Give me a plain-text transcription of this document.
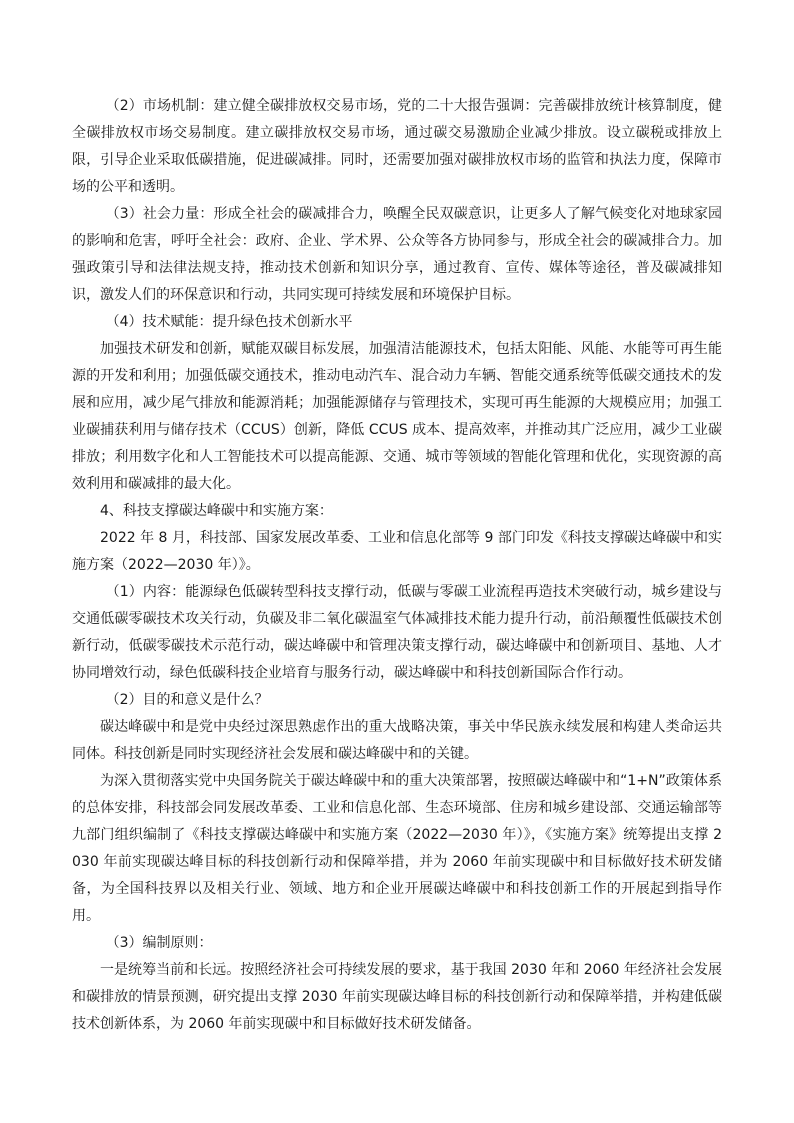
（2）市场机制：建立健全碳排放权交易市场，党的二十大报告强调：完善碳排放统计核算制度，健全碳排放权市场交易制度。建立碳排放权交易市场，通过碳交易激励企业减少排放。设立碳税或排放上限，引导企业采取低碳措施，促进碳减排。同时，还需要加强对碳排放权市场的监管和执法力度，保障市场的公平和透明。

（3）社会力量：形成全社会的碳减排合力，唤醒全民双碳意识，让更多人了解气候变化对地球家园的影响和危害，呼吁全社会：政府、企业、学术界、公众等各方协同参与，形成全社会的碳减排合力。加强政策引导和法律法规支持，推动技术创新和知识分享，通过教育、宣传、媒体等途径，普及碳减排知识，激发人们的环保意识和行动，共同实现可持续发展和环境保护目标。

（4）技术赋能：提升绿色技术创新水平

加强技术研发和创新，赋能双碳目标发展，加强清洁能源技术，包括太阳能、风能、水能等可再生能源的开发和利用；加强低碳交通技术，推动电动汽车、混合动力车辆、智能交通系统等低碳交通技术的发展和应用，减少尾气排放和能源消耗；加强能源储存与管理技术，实现可再生能源的大规模应用；加强工业碳捕获利用与储存技术（CCUS）创新，降低 CCUS 成本、提高效率，并推动其广泛应用，减少工业碳排放；利用数字化和人工智能技术可以提高能源、交通、城市等领域的智能化管理和优化，实现资源的高效利用和碳减排的最大化。

4、科技支撑碳达峰碳中和实施方案：

2022 年 8 月，科技部、国家发展改革委、工业和信息化部等 9 部门印发《科技支撑碳达峰碳中和实施方案（2022—2030 年）》。

（1）内容：能源绿色低碳转型科技支撑行动，低碳与零碳工业流程再造技术突破行动，城乡建设与交通低碳零碳技术攻关行动，负碳及非二氧化碳温室气体减排技术能力提升行动，前沿颠覆性低碳技术创新行动，低碳零碳技术示范行动，碳达峰碳中和管理决策支撑行动，碳达峰碳中和创新项目、基地、人才协同增效行动，绿色低碳科技企业培育与服务行动，碳达峰碳中和科技创新国际合作行动。

（2）目的和意义是什么？

碳达峰碳中和是党中央经过深思熟虑作出的重大战略决策，事关中华民族永续发展和构建人类命运共同体。科技创新是同时实现经济社会发展和碳达峰碳中和的关键。

为深入贯彻落实党中央国务院关于碳达峰碳中和的重大决策部署，按照碳达峰碳中和“1+N”政策体系的总体安排，科技部会同发展改革委、工业和信息化部、生态环境部、住房和城乡建设部、交通运输部等九部门组织编制了《科技支撑碳达峰碳中和实施方案（2022—2030 年）》，《实施方案》统筹提出支撑 2030 年前实现碳达峰目标的科技创新行动和保障举措，并为 2060 年前实现碳中和目标做好技术研发储备，为全国科技界以及相关行业、领域、地方和企业开展碳达峰碳中和科技创新工作的开展起到指导作用。

（3）编制原则：

一是统筹当前和长远。按照经济社会可持续发展的要求，基于我国 2030 年和 2060 年经济社会发展和碳排放的情景预测，研究提出支撑 2030 年前实现碳达峰目标的科技创新行动和保障举措，并构建低碳技术创新体系，为 2060 年前实现碳中和目标做好技术研发储备。
